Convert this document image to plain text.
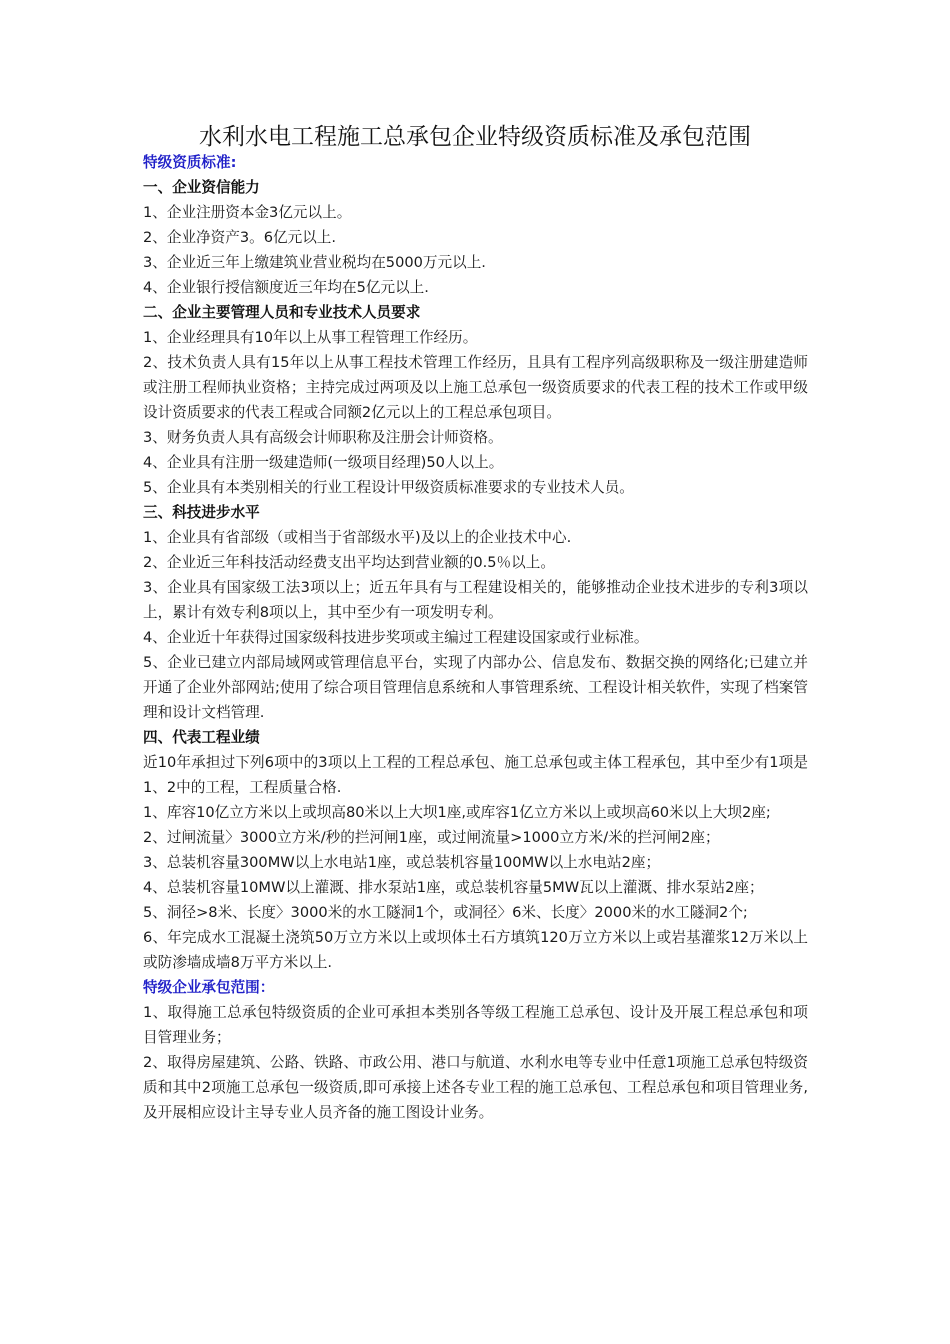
水利水电工程施工总承包企业特级资质标准及承包范围

特级资质标准:

一、企业资信能力

1、企业注册资本金3亿元以上。

2、企业净资产3。6亿元以上.

3、企业近三年上缴建筑业营业税均在5000万元以上.

4、企业银行授信额度近三年均在5亿元以上.

二、企业主要管理人员和专业技术人员要求

1、企业经理具有10年以上从事工程管理工作经历。

2、技术负责人具有15年以上从事工程技术管理工作经历，且具有工程序列高级职称及一级注册建造师或注册工程师执业资格；主持完成过两项及以上施工总承包一级资质要求的代表工程的技术工作或甲级设计资质要求的代表工程或合同额2亿元以上的工程总承包项目。

3、财务负责人具有高级会计师职称及注册会计师资格。

4、企业具有注册一级建造师(一级项目经理)50人以上。

5、企业具有本类别相关的行业工程设计甲级资质标准要求的专业技术人员。

三、科技进步水平

1、企业具有省部级（或相当于省部级水平)及以上的企业技术中心.

2、企业近三年科技活动经费支出平均达到营业额的0.5％以上。

3、企业具有国家级工法3项以上；近五年具有与工程建设相关的，能够推动企业技术进步的专利3项以上，累计有效专利8项以上，其中至少有一项发明专利。

4、企业近十年获得过国家级科技进步奖项或主编过工程建设国家或行业标准。

5、企业已建立内部局域网或管理信息平台，实现了内部办公、信息发布、数据交换的网络化;已建立并开通了企业外部网站;使用了综合项目管理信息系统和人事管理系统、工程设计相关软件，实现了档案管理和设计文档管理.

四、代表工程业绩

近10年承担过下列6项中的3项以上工程的工程总承包、施工总承包或主体工程承包，其中至少有1项是1、2中的工程，工程质量合格.

1、库容10亿立方米以上或坝高80米以上大坝1座,或库容1亿立方米以上或坝高60米以上大坝2座;

2、过闸流量〉3000立方米/秒的拦河闸1座，或过闸流量>1000立方米/米的拦河闸2座；

3、总装机容量300MW以上水电站1座，或总装机容量100MW以上水电站2座；

4、总装机容量10MW以上灌溉、排水泵站1座，或总装机容量5MW瓦以上灌溉、排水泵站2座；

5、洞径>8米、长度〉3000米的水工隧洞1个，或洞径〉6米、长度〉2000米的水工隧洞2个;

6、年完成水工混凝土浇筑50万立方米以上或坝体土石方填筑120万立方米以上或岩基灌浆12万米以上或防渗墙成墙8万平方米以上.

特级企业承包范围：

1、取得施工总承包特级资质的企业可承担本类别各等级工程施工总承包、设计及开展工程总承包和项目管理业务；

2、取得房屋建筑、公路、铁路、市政公用、港口与航道、水利水电等专业中任意1项施工总承包特级资质和其中2项施工总承包一级资质,即可承接上述各专业工程的施工总承包、工程总承包和项目管理业务,及开展相应设计主导专业人员齐备的施工图设计业务。
